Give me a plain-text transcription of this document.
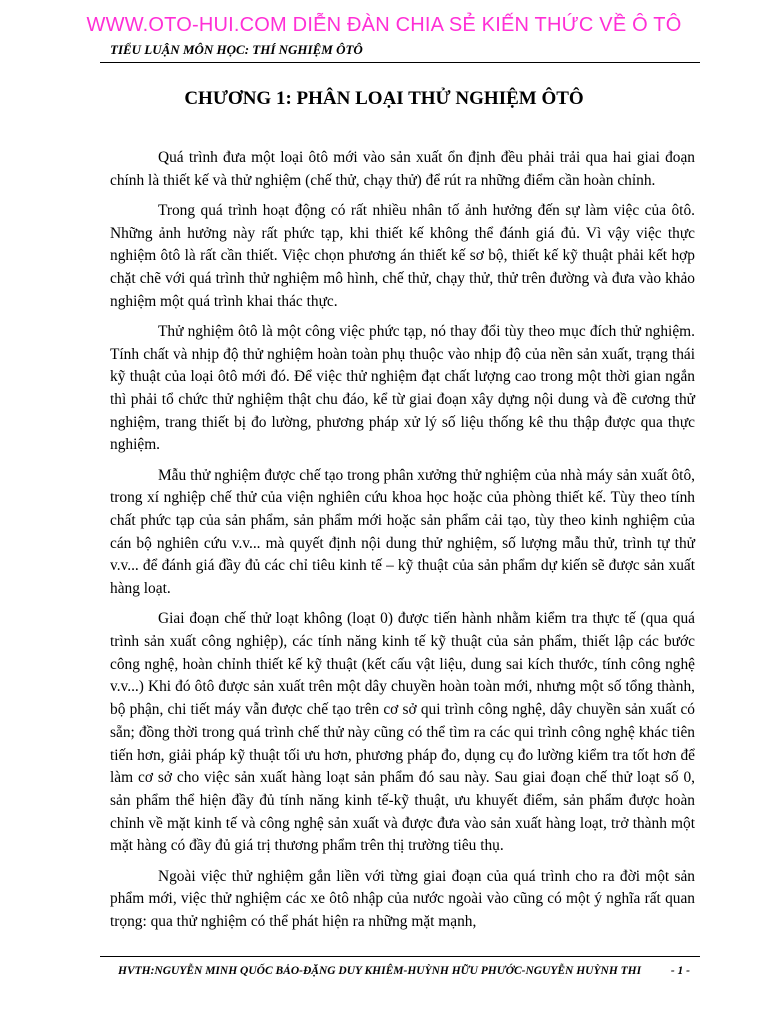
WWW.OTO-HUI.COM DIỄN ĐÀN CHIA SẺ KIẾN THỨC VỀ Ô TÔ
TIỂU LUẬN MÔN HỌC: THÍ NGHIỆM ÔTÔ
CHƯƠNG 1: PHÂN LOẠI THỬ NGHIỆM ÔTÔ

Quá trình đưa một loại ôtô mới vào sản xuất ổn định đều phải trải qua hai giai đoạn chính là thiết kế và thử nghiệm (chế thử, chạy thử) để rút ra những điểm cần hoàn chỉnh.

Trong quá trình hoạt động có rất nhiều nhân tố ảnh hưởng đến sự làm việc của ôtô. Những ảnh hưởng này rất phức tạp, khi thiết kế không thể đánh giá đủ. Vì vậy việc thực nghiệm ôtô là rất cần thiết. Việc chọn phương án thiết kế sơ bộ, thiết kế kỹ thuật phải kết hợp chặt chẽ với quá trình thử nghiệm mô hình, chế thử, chạy thử, thử trên đường và đưa vào khảo nghiệm một quá trình khai thác thực.

Thử nghiệm ôtô là một công việc phức tạp, nó thay đổi tùy theo mục đích thử nghiệm. Tính chất và nhịp độ thử nghiệm hoàn toàn phụ thuộc vào nhịp độ của nền sản xuất, trạng thái kỹ thuật của loại ôtô mới đó. Để việc thử nghiệm đạt chất lượng cao trong một thời gian ngắn thì phải tổ chức thử nghiệm thật chu đáo, kể từ giai đoạn xây dựng nội dung và đề cương thử nghiệm, trang thiết bị đo lường, phương pháp xử lý số liệu thống kê thu thập được qua thực nghiệm.

Mẫu thử nghiệm được chế tạo trong phân xưởng thử nghiệm của nhà máy sản xuất ôtô, trong xí nghiệp chế thử của viện nghiên cứu khoa học hoặc của phòng thiết kế. Tùy theo tính chất phức tạp của sản phẩm, sản phẩm mới hoặc sản phẩm cải tạo, tùy theo kinh nghiệm của cán bộ nghiên cứu v.v... mà quyết định nội dung thử nghiệm, số lượng mẫu thử, trình tự thử v.v... để đánh giá đầy đủ các chỉ tiêu kinh tế – kỹ thuật của sản phẩm dự kiến sẽ được sản xuất hàng loạt.

Giai đoạn chế thử loạt không (loạt 0) được tiến hành nhằm kiểm tra thực tế (qua quá trình sản xuất công nghiệp), các tính năng kinh tế kỹ thuật của sản phẩm, thiết lập các bước công nghệ, hoàn chỉnh thiết kế kỹ thuật (kết cấu vật liệu, dung sai kích thước, tính công nghệ v.v...) Khi đó ôtô được sản xuất trên một dây chuyền hoàn toàn mới, nhưng một số tổng thành, bộ phận, chi tiết máy vẫn được chế tạo trên cơ sở qui trình công nghệ, dây chuyền sản xuất có sẵn; đồng thời trong quá trình chế thử này cũng có thể tìm ra các qui trình công nghệ khác tiên tiến hơn, giải pháp kỹ thuật tối ưu hơn, phương pháp đo, dụng cụ đo lường kiểm tra tốt hơn để làm cơ sở cho việc sản xuất hàng loạt sản phẩm đó sau này. Sau giai đoạn chế thử loạt số 0, sản phẩm thể hiện đầy đủ tính năng kinh tế-kỹ thuật, ưu khuyết điểm, sản phẩm được hoàn chỉnh về mặt kinh tế và công nghệ sản xuất và được đưa vào sản xuất hàng loạt, trở thành một mặt hàng có đầy đủ giá trị thương phẩm trên thị trường tiêu thụ.

Ngoài việc thử nghiệm gắn liền với từng giai đoạn của quá trình cho ra đời một sản phẩm mới, việc thử nghiệm các xe ôtô nhập của nước ngoài vào cũng có một ý nghĩa rất quan trọng: qua thử nghiệm có thể phát hiện ra những mặt mạnh,

HVTH:NGUYỄN MINH QUỐC BẢO-ĐẶNG DUY KHIÊM-HUỲNH HỮU PHƯỚC-NGUYỄN HUỲNH THI	- 1 -
